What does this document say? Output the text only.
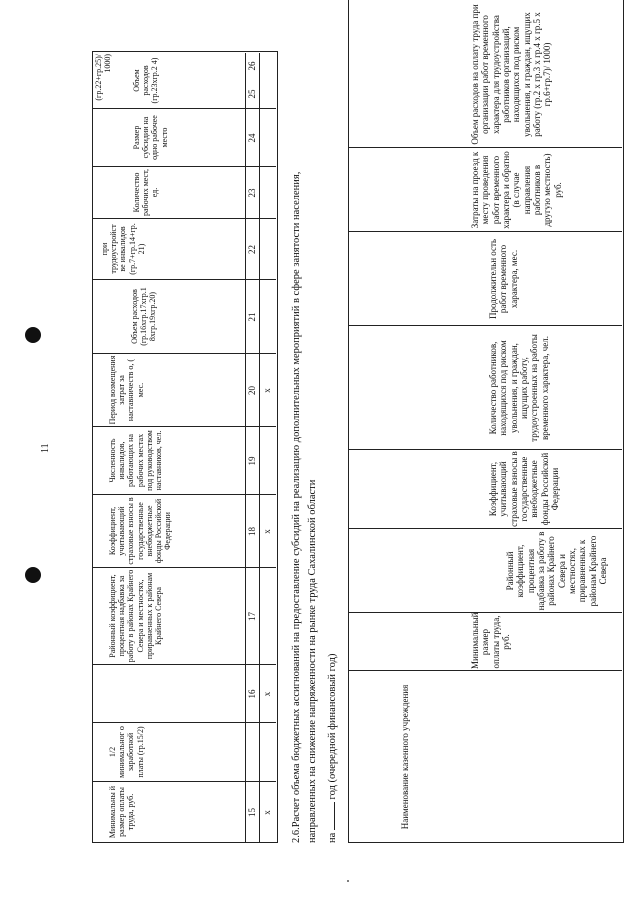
11
Минимальны й размер оплаты труда, руб.
1/2 минимальног о заработной платы (гр.15/2)
Районный коэффициент, процентная надбавка за работу в районах Крайнего Севера и местностях, приравненных к районам Крайнего Севера
Коэффициент, учитывающий страховые взносы в государственные внебюджетные фонды Российской Федерации
Численность инвалидов, работающих на рабочих местах под руководством наставников, чел.
Период возмещения затрат за наставничеств о, ( мес.
Объем расходов (гр.16хгр.17хгр.1 8хгр.19хгр.20)
при трудоустройст ве инвалидов (гр.7+гр.14+гр. 21)
Количество рабочих мест, ед.
Размер субсидии на одно рабочее место
Объем расходов (гр.23хгр.2 4)
(гр.22+гр.25)/ 1000)
15
16
17
18
19
20
21
22
23
24
25
26
x
x
x
x 2.6.Расчет объема бюджетных ассигнований на предоставление субсидий на реализацию дополнительных мероприятий в сфере занятости населения, направленных на снижение напряженности на рынке труда Сахалинской области на  год (очередной финансовый год)	Наименование казенного учреждения
Минимальный размер оплаты труда, руб.
Районный коэффициент, процентная надбавка за работу в районах Крайнего Севера и местностях, приравненных к районам Крайнего Севера
Коэффициент, учитывающий страховые взносы в государственные внебюджетные фонды Российской Федерации
Количество работников, находящихся под риском увольнения, и граждан, ищущих работу, трудоустроенных на работы временного характера, чел.
Продолжительн ость работ временного характера, мес.
Затраты на проезд к месту проведения работ временного характера и обратно (в случае направления работников в другую местность) руб.
Объем расходов на оплату труда при организации работ временного характера для трудоустройства работников организаций, находящихся под риском увольнения, и граждан, ищущих работу (гр.2 х гр.3 х гр.4 х гр.5 х гр.6+гр.7)/ 1000)
